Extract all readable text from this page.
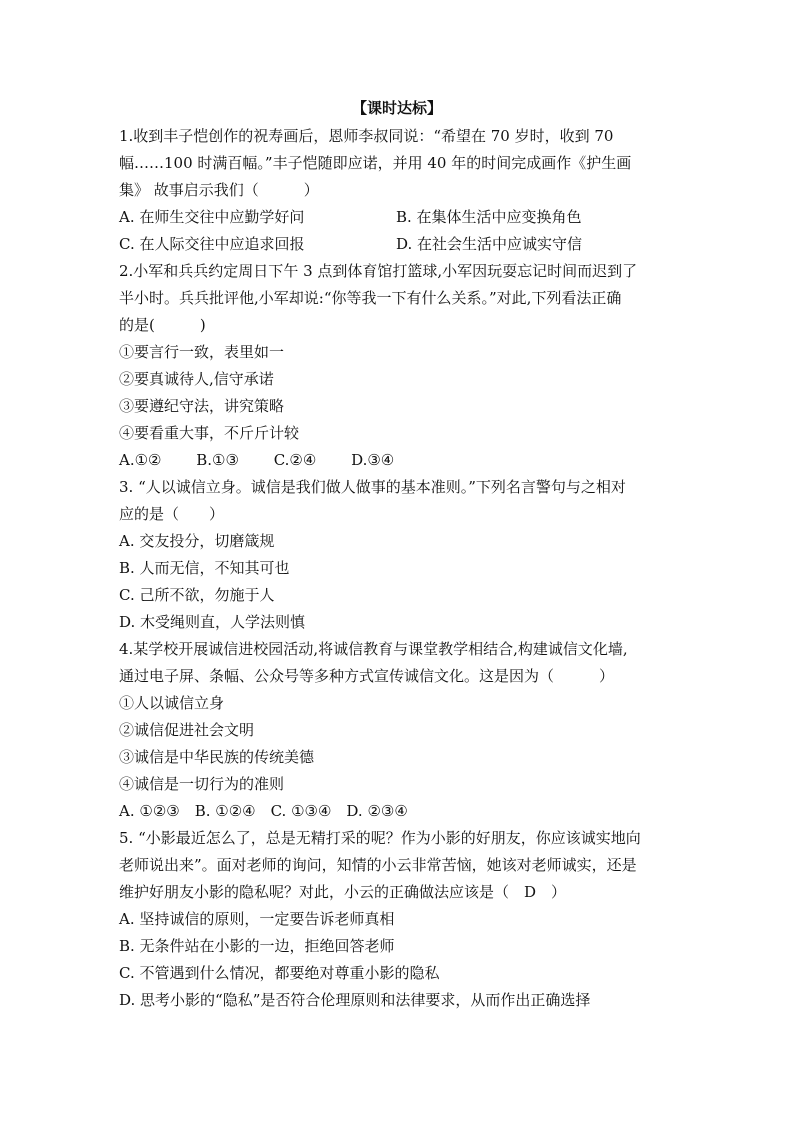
【课时达标】
1.收到丰子恺创作的祝寿画后，恩师李叔同说：“希望在 70 岁时，收到 70
幅……100 时满百幅。”丰子恺随即应诺，并用 40 年的时间完成画作《护生画
集》 故事启示我们（　　　）
A. 在师生交往中应勤学好问	B. 在集体生活中应变换角色
C. 在人际交往中应追求回报	D. 在社会生活中应诚实守信
2.小军和兵兵约定周日下午 3 点到体育馆打篮球,小军因玩耍忘记时间而迟到了
半小时。兵兵批评他,小军却说:“你等我一下有什么关系。”对此,下列看法正确
的是(　　　)
①要言行一致，表里如一
②要真诚待人,信守承诺
③要遵纪守法，讲究策略
④要看重大事，不斤斤计较
A.①②　　 B.①③　　 C.②④　　 D.③④
3. “人以诚信立身。诚信是我们做人做事的基本准则。”下列名言警句与之相对
应的是（　　）
A. 交友投分，切磨箴规
B. 人而无信，不知其可也
C. 己所不欲，勿施于人
D. 木受绳则直，人学法则慎
4.某学校开展诚信进校园活动,将诚信教育与课堂教学相结合,构建诚信文化墙,
通过电子屏、条幅、公众号等多种方式宣传诚信文化。这是因为（　　　）
①人以诚信立身
②诚信促进社会文明
③诚信是中华民族的传统美德
④诚信是一切行为的准则
A. ①②③　B. ①②④　C. ①③④　D. ②③④
5. “小影最近怎么了，总是无精打采的呢？作为小影的好朋友，你应该诚实地向
老师说出来”。面对老师的询问，知情的小云非常苦恼，她该对老师诚实，还是
维护好朋友小影的隐私呢？对此，小云的正确做法应该是（　D　）
A. 坚持诚信的原则，一定要告诉老师真相
B. 无条件站在小影的一边，拒绝回答老师
C. 不管遇到什么情况，都要绝对尊重小影的隐私
D. 思考小影的“隐私”是否符合伦理原则和法律要求，从而作出正确选择
